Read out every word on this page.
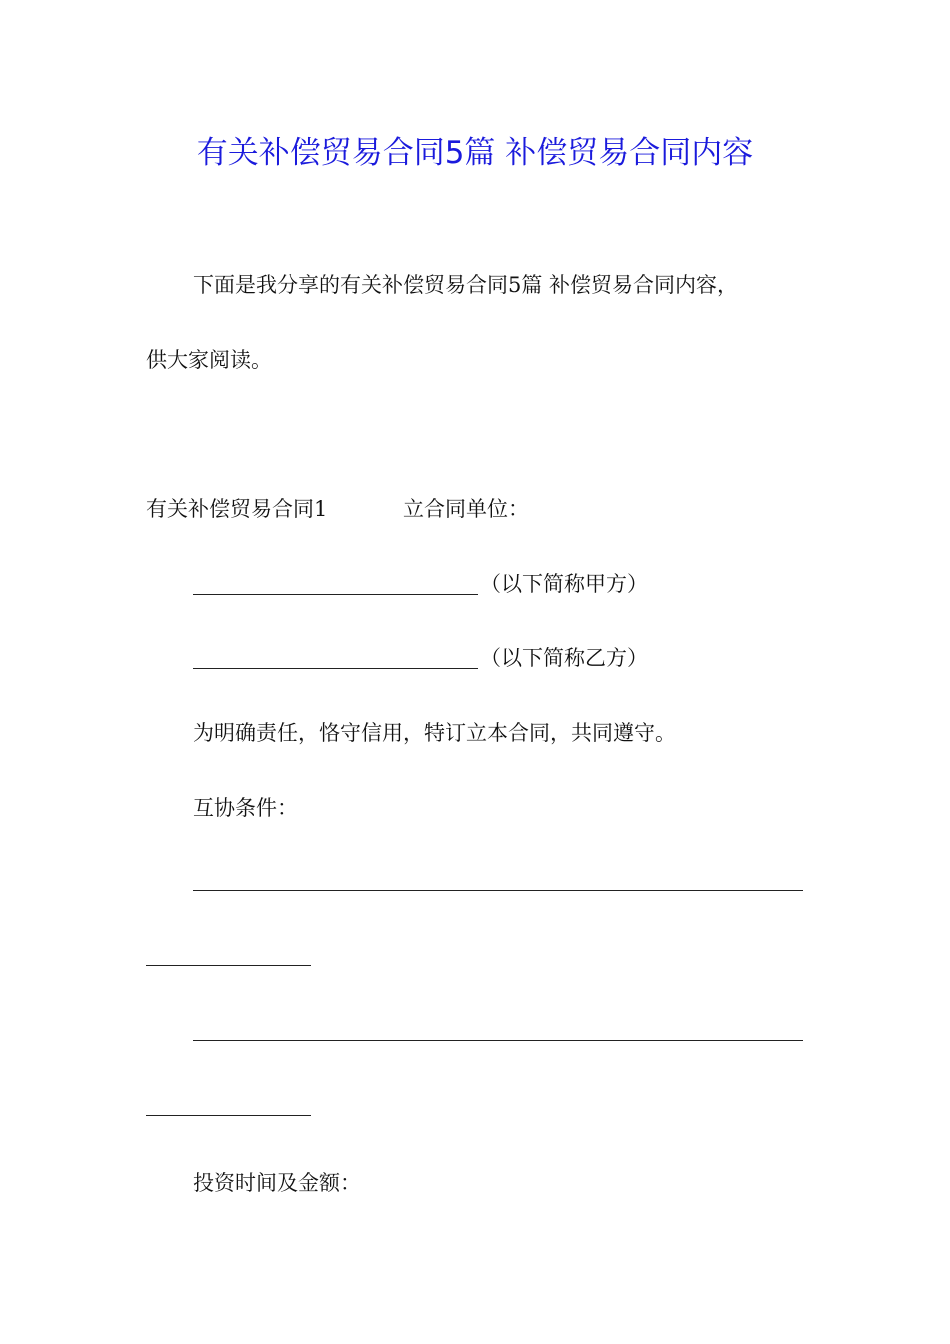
有关补偿贸易合同5篇 补偿贸易合同内容
下面是我分享的有关补偿贸易合同5篇 补偿贸易合同内容，
供大家阅读。
有关补偿贸易合同1	立合同单位：
（以下简称甲方）
（以下简称乙方）
为明确责任，恪守信用，特订立本合同，共同遵守。
互协条件：
投资时间及金额：
